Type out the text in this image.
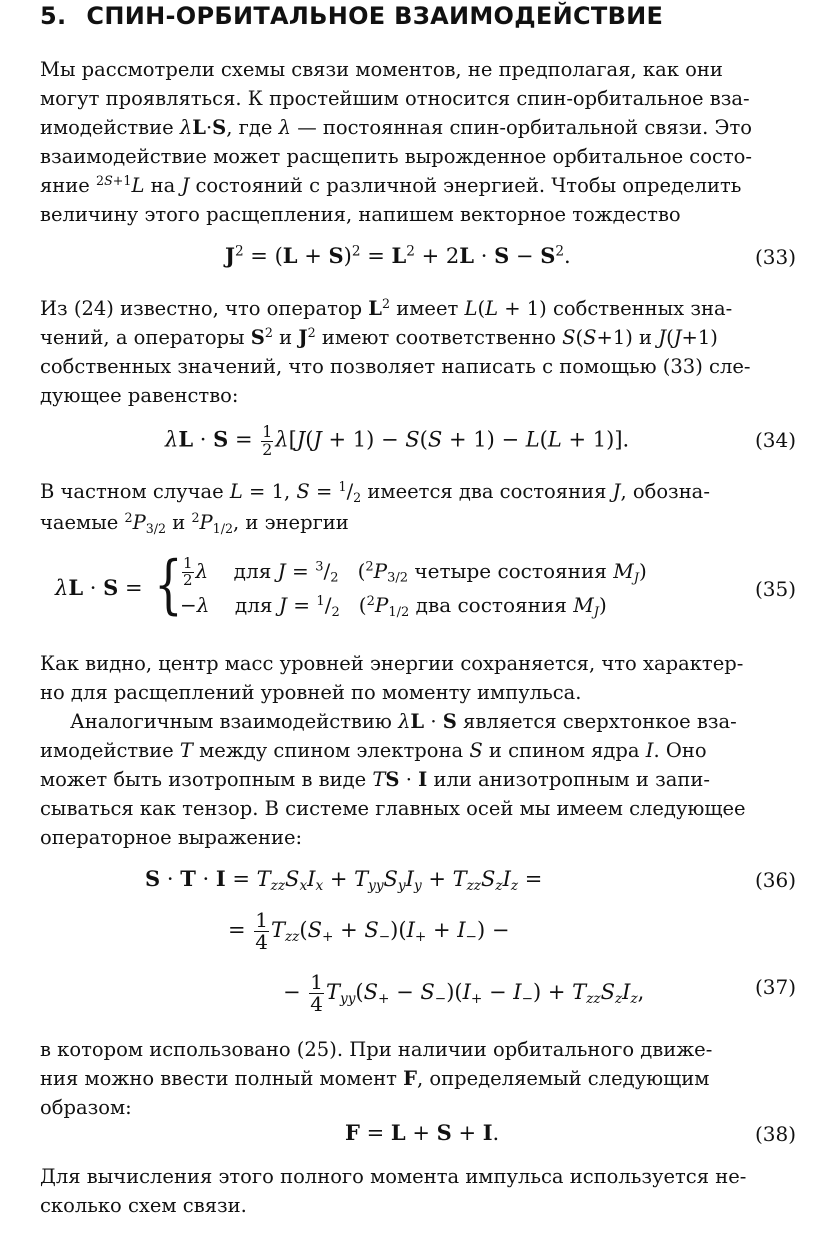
5. СПИН-ОРБИТАЛЬНОЕ ВЗАИМОДЕЙСТВИЕ
Мы рассмотрели схемы связи моментов, не предполагая, как они
могут проявляться. К простейшим относится спин-орбитальное вза-
имодействие λL·S, где λ — постоянная спин-орбитальной связи. Это
взаимодействие может расщепить вырожденное орбитальное состо-
яние $^{2S+1}$L на J состояний с различной энергией. Чтобы определить
величину этого расщепления, напишем векторное тождество
$J^2 = (L + S)^2 = L^2 + 2L \cdot S - S^2$.	(33)
Из (24) известно, что оператор $L^2$ имеет L(L + 1) собственных зна-
чений, а операторы $S^2$ и $J^2$ имеют соответственно S(S+1) и J(J+1)
собственных значений, что позволяет написать с помощью (33) сле-
дующее равенство:
$\lambda L \cdot S = \frac{1}{2} \lambda[J(J + 1) - S(S + 1) - L(L + 1)]$.	(34)
В частном случае L = 1, $S = ^1/_2$ имеется два состояния J, обозна-
чаемые $^2P_{3/2}$ и $^2P_{1/2}$, и энергии
λL · S = { $\frac{1}{2}$ λ для $J = ^3/_2$   ($^2P_{3/2}$ четыре состояния $M_J$)
−λ для $J = ^1/_2$   ($^2P_{1/2}$ два состояния $M_J$)
(35)
Как видно, центр масс уровней энергии сохраняется, что характер-
но для расщеплений уровней по моменту импульса.
Аналогичным взаимодействию λL · S является сверхтонкое вза-
имодействие T между спином электрона S и спином ядра I. Оно
может быть изотропным в виде TS · I или анизотропным и запи-
сываться как тензор. В системе главных осей мы имеем следующее
операторное выражение:
$S \cdot T \cdot I = T_{zz}S_xI_x + T_{yy}S_yI_y + T_{zz}S_zI_z$ =	(36)
= $\frac{1}{4} T_{zz}(S_+ + S_-)(I_+ + I_-)$ −
− $\frac{1}{4} T_{yy}(S_+ - S_-)(I_+ - I_-) + T_{zz}S_zI_z$,	(37)
в котором использовано (25). При наличии орбитального движе-
ния можно ввести полный момент F, определяемый следующим
образом:
F = L + S + I.	(38)
Для вычисления этого полного момента импульса используется не-
сколько схем связи.
